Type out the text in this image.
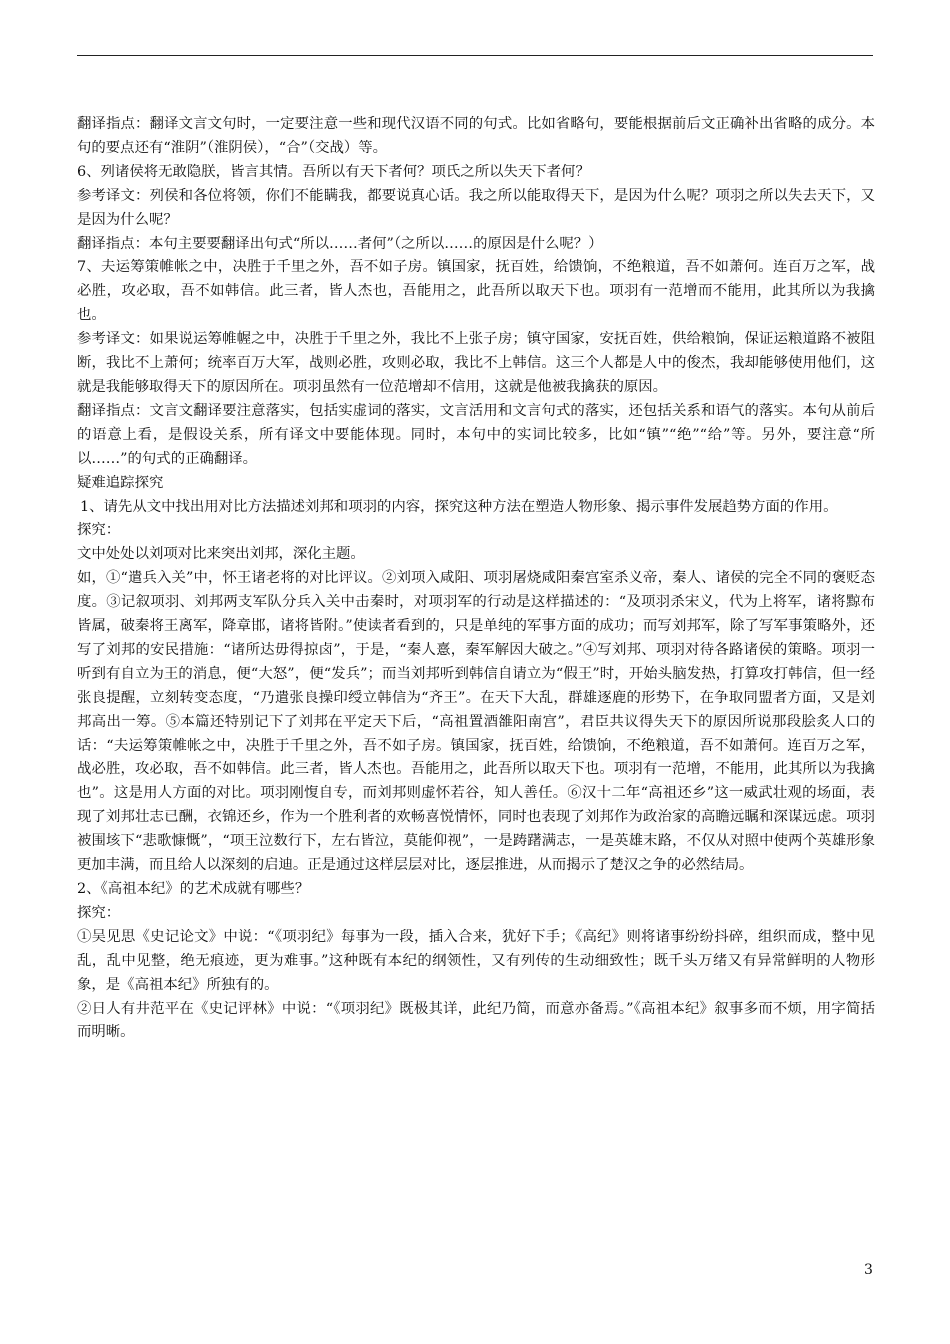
翻译指点：翻译文言文句时，一定要注意一些和现代汉语不同的句式。比如省略句，要能根据前后文正确补出省略的成分。本句的要点还有“淮阴”（淮阴侯），“合”（交战）等。

6、列诸侯将无敢隐朕，皆言其情。吾所以有天下者何？项氏之所以失天下者何？

参考译文：列侯和各位将领，你们不能瞒我，都要说真心话。我之所以能取得天下，是因为什么呢？项羽之所以失去天下，又是因为什么呢？

翻译指点：本句主要要翻译出句式“所以……者何”（之所以……的原因是什么呢？）

7、夫运筹策帷帐之中，决胜于千里之外，吾不如子房。镇国家，抚百姓，给馈饷，不绝粮道，吾不如萧何。连百万之军，战必胜，攻必取，吾不如韩信。此三者，皆人杰也，吾能用之，此吾所以取天下也。项羽有一范增而不能用，此其所以为我擒也。

参考译文：如果说运筹帷幄之中，决胜于千里之外，我比不上张子房；镇守国家，安抚百姓，供给粮饷，保证运粮道路不被阻断，我比不上萧何；统率百万大军，战则必胜，攻则必取，我比不上韩信。这三个人都是人中的俊杰，我却能够使用他们，这就是我能够取得天下的原因所在。项羽虽然有一位范增却不信用，这就是他被我擒获的原因。

翻译指点：文言文翻译要注意落实，包括实虚词的落实，文言活用和文言句式的落实，还包括关系和语气的落实。本句从前后的语意上看，是假设关系，所有译文中要能体现。同时，本句中的实词比较多，比如“镇”“绝”“给”等。另外，要注意“所以……”的句式的正确翻译。

疑难追踪探究

1、请先从文中找出用对比方法描述刘邦和项羽的内容，探究这种方法在塑造人物形象、揭示事件发展趋势方面的作用。

探究：

文中处处以刘项对比来突出刘邦，深化主题。

如，①“遣兵入关”中，怀王诸老将的对比评议。②刘项入咸阳、项羽屠烧咸阳秦宫室杀义帝，秦人、诸侯的完全不同的褒贬态度。③记叙项羽、刘邦两支军队分兵入关中击秦时，对项羽军的行动是这样描述的：“及项羽杀宋义，代为上将军，诸将黥布皆属，破秦将王离军，降章邯，诸将皆附。”使读者看到的，只是单纯的军事方面的成功；而写刘邦军，除了写军事策略外，还写了刘邦的安民措施：“诸所达毋得掠卤”，于是，“秦人憙，秦军解因大破之。”④写刘邦、项羽对待各路诸侯的策略。项羽一听到有自立为王的消息，便“大怒”，便“发兵”；而当刘邦听到韩信自请立为“假王”时，开始头脑发热，打算攻打韩信，但一经张良提醒，立刻转变态度，“乃遣张良操印绶立韩信为“齐王”。在天下大乱，群雄逐鹿的形势下，在争取同盟者方面，又是刘邦高出一筹。⑤本篇还特别记下了刘邦在平定天下后，“高祖置酒雒阳南宫”，君臣共议得失天下的原因所说那段脍炙人口的话：“夫运筹策帷帐之中，决胜于千里之外，吾不如子房。镇国家，抚百姓，给馈饷，不绝粮道，吾不如萧何。连百万之军，战必胜，攻必取，吾不如韩信。此三者，皆人杰也。吾能用之，此吾所以取天下也。项羽有一范增，不能用，此其所以为我擒也”。这是用人方面的对比。项羽刚愎自专，而刘邦则虚怀若谷，知人善任。⑥汉十二年“高祖还乡”这一威武壮观的场面，表现了刘邦壮志已酬，衣锦还乡，作为一个胜利者的欢畅喜悦情怀，同时也表现了刘邦作为政治家的高瞻远瞩和深谋远虑。项羽被围垓下“悲歌慷慨”，“项王泣数行下，左右皆泣，莫能仰视”，一是踌躇满志，一是英雄末路，不仅从对照中使两个英雄形象更加丰满，而且给人以深刻的启迪。正是通过这样层层对比，逐层推进，从而揭示了楚汉之争的必然结局。

2、《高祖本纪》的艺术成就有哪些？

探究：

①吴见思《史记论文》中说：“《项羽纪》每事为一段，插入合来，犹好下手；《高纪》则将诸事纷纷抖碎，组织而成，整中见乱，乱中见整，绝无痕迹，更为难事。”这种既有本纪的纲领性，又有列传的生动细致性；既千头万绪又有异常鲜明的人物形象，是《高祖本纪》所独有的。

②日人有井范平在《史记评林》中说：“《项羽纪》既极其详，此纪乃简，而意亦备焉。”《高祖本纪》叙事多而不烦，用字简括而明晰。

3
